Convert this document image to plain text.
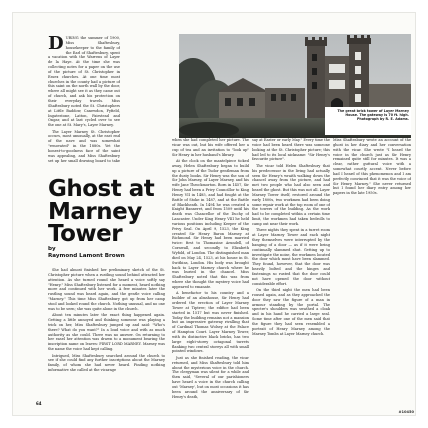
DURING the summer of 1900, Miss Shaftesbury, housekeeper to the family of the Earl of Shaftesbury, spent a vacation with the Warrens of Layer de la Haye. At the time she was collecting notes for a paper on the use of the picture of St. Christopher in Essex churches. At one time most churches in the county had a picture of this saint on the north wall by the door, where all might see it as they came out of church, and ask his protection on their everyday travels. Miss Shaftesbury noted the St. Christophers at Little Baddow, Canewdon, Fyfield, Ingatestone, Latton, Fairstead and Ongar, and at last cycled over to see the one at St. Mary's, Layer Marney.

The Layer Marney St. Christopher occurs, most unusually, at the east end of the nave and was somewhat "renovated" in the 1880s. Yet the honest-to-goodness face of the saint was appealing, and Miss Shaftesbury set up her small drawing board to take

The great brick tower of Layer Marney House. The gateway is 70 ft. high. Photograph by R. E. Adams.
Ghost at Marney Tower
by
Raymond Lamont Brown

She had almost finished her preliminary sketch of the St. Christopher picture when a rustling sound behind attracted her attention. As she turned round she heard a voice softly say "Henry." Miss Shaftesbury listened for a moment, heard nothing more and continued with her work. A few minutes later the rustling sound was heard again, and the gentle voice calling "Marney." This time Miss Shaftesbury got up from her camp stool and looked round the church. Nothing unusual, and no one was to be seen; she was quite alone in the church.

About ten minutes later the exact thing happened again. Getting a little annoyed and thinking someone was playing a trick on her, Miss Shaftesbury jumped up and said: "Who's there? What do you want?" In a loud voice and with as much authority as she could. There was no answer. On returning to her easel her attention was drawn to a monument bearing the inscription name on leaves: FIRST LORD MARNEY. Marney was the name the voice had kept calling.

Intrigued, Miss Shaftesbury searched around the church to see if she could find any further inscriptions about the Marney family, of whom she had never heard. Finding nothing informative she called at the vicarage

when she had completed her picture. The vicar was out, but his wife offered her a cup of tea and an invitation to "look up" Sir Henry in her husband's library.

At the clock on the mantelpiece ticked away, Helen Shaftesbury began to build up a picture of the Tudor gentleman from the dusty books. Sir Henry was the son of Sir John Marney, of Layer Marney, and his wife Jane Throckmorton. Born in 1457, Sir Henry had been a Privy Councillor to King Henry VII in 1485, and had fought at the Battle of Stoke in 1487, and at the Battle of Blackheath. In 1494 he was created a Knight Banneret, and from 1509 until his death was Chancellor of the Duchy of Lancaster. Under King Henry VIII he held various positions including Keeper of the Privy Seal. On April 9, 1523, the King created Sir Henry Baron Marney at Richmond. Sir Henry had been married twice: first to Thomasine Arundell, of Cornwall, and secondly to Elizabeth Wyfold, of London. The distinguished man died on May 24, 1523, at his house in St. Swithins, London. His body was brought back to Layer Marney church where he was buried in the chancel. Miss Shaftesbury noted that this was from where she thought the mystery voice had appeared to emanate.

A benefactor to his country and a builder of an almshouse, Sir Henry had ordered the erection of Layer Marney Tower at Tiptree; the edifice had been started in 1517 but was never finished. Today the building remains not a mansion but an impressive gateway rivalling that of Cardinal Thomas Wolsey at the Palace of Hampton Court. Layer Marney Tower, with its distinctive black bricks, has two large eight-storey octagonal turrets flanking two central storeys all with small pointed windows.

Just as she finished reading, the vicar returned, and Miss Shaftesbury told him about the mysterious voice in the church. The clergyman was silent for a while and then said, "Several of our parishioners have heard a voice in the church calling out 'Marney', but on most occasions it has been around the anniversary of Sir Henry's death,

say at Easter or early May." Every time the voice had been heard there was someone looking at the St. Christopher picture; this had led to its local nickname: "Sir Henry's favourite picture".

The vicar told Helen Shaftesbury that his predecessor in the living had actually seen Sir Henry's wraith walking down the chancel away from the picture, and had met two people who had also seen and heard the ghost. But this was not all. Layer Marney Tower itself, restored around the early 1800s, two workmen had been doing some repair work at the top room of one of the towers of the building. As the work had to be completed within a certain time limit, the workmen had taken bedrolls to camp out near their work.

Three nights they spent in a turret room at Layer Marney Tower and each night they themselves were interrupted by the banging of a door — as if it were being continually slammed shut. Getting up to investigate the noise, the workmen located the door which must have been slammed. They found, however, that the door was heavily bolted and the hinges and fastenings so rusted that the door could not have opened the door without considerable effort.

On the third night the men had been roused again, and as they approached the door they saw the figure of a man in armour standing by the portal. The spectre's shoulders was swathed a cloak and in his hand he carried a large seal. Some time after one of the men said that the figure they had seen resembled a portrait of Henry Marney among the Marney Tombs at Layer Marney church.

Miss Shaftesbury wrote an account of the ghost in her diary and her conversation with the vicar. She wrote "I heard the voice in the church just as Sir Henry remained quite still for minutes. It was a clear, rather guttural voice with a somewhat courtly accent. Never before had I heard of this phenomenon and I am perfectly convinced that it was the voice of Sir Henry Marney." She never returned but I found her diary entry among her papers in the late 1950s.

64
#10450
